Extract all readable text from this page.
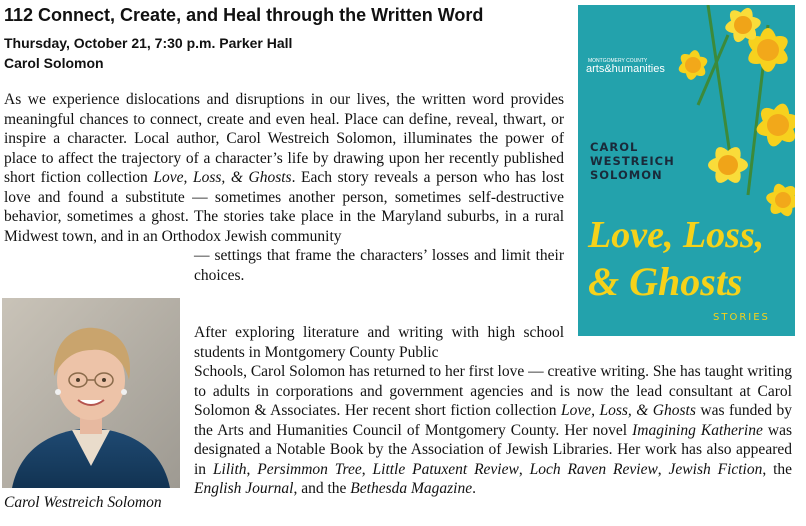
112 Connect, Create, and Heal through the Written Word
Thursday, October 21, 7:30 p.m. Parker Hall
Carol Solomon
As we experience dislocations and disruptions in our lives, the written word provides meaningful chances to connect, create and even heal. Place can define, reveal, thwart, or inspire a character. Local author, Carol Westreich Solomon, illuminates the power of place to affect the trajectory of a character’s life by drawing upon her recently published short fiction collection Love, Loss, & Ghosts. Each story reveals a person who has lost love and found a substitute — sometimes another person, sometimes self-destructive behavior, sometimes a ghost. The stories take place in the Maryland suburbs, in a rural Midwest town, and in an Orthodox Jewish community
— settings that frame the characters’ losses and limit their choices.
Carol Westreich Solomon
After exploring literature and writing with high school students in Montgomery County Public
Schools, Carol Solomon has returned to her first love — creative writing. She has taught writing to adults in corporations and government agencies and is now the lead consultant at Carol Solomon & Associates. Her recent short fiction collection Love, Loss, & Ghosts was funded by the Arts and Humanities Council of Montgomery County. Her novel Imagining Katherine was designated a Notable Book by the Association of Jewish Libraries. Her work has also appeared in Lilith, Persimmon Tree, Little Patuxent Review, Loch Raven Review, Jewish Fiction, the English Journal, and the Bethesda Magazine.
MONTGOMERY COUNTY
arts&humanities
CAROL
WESTREICH
SOLOMON
Love, Loss,
& Ghosts
STORIES
